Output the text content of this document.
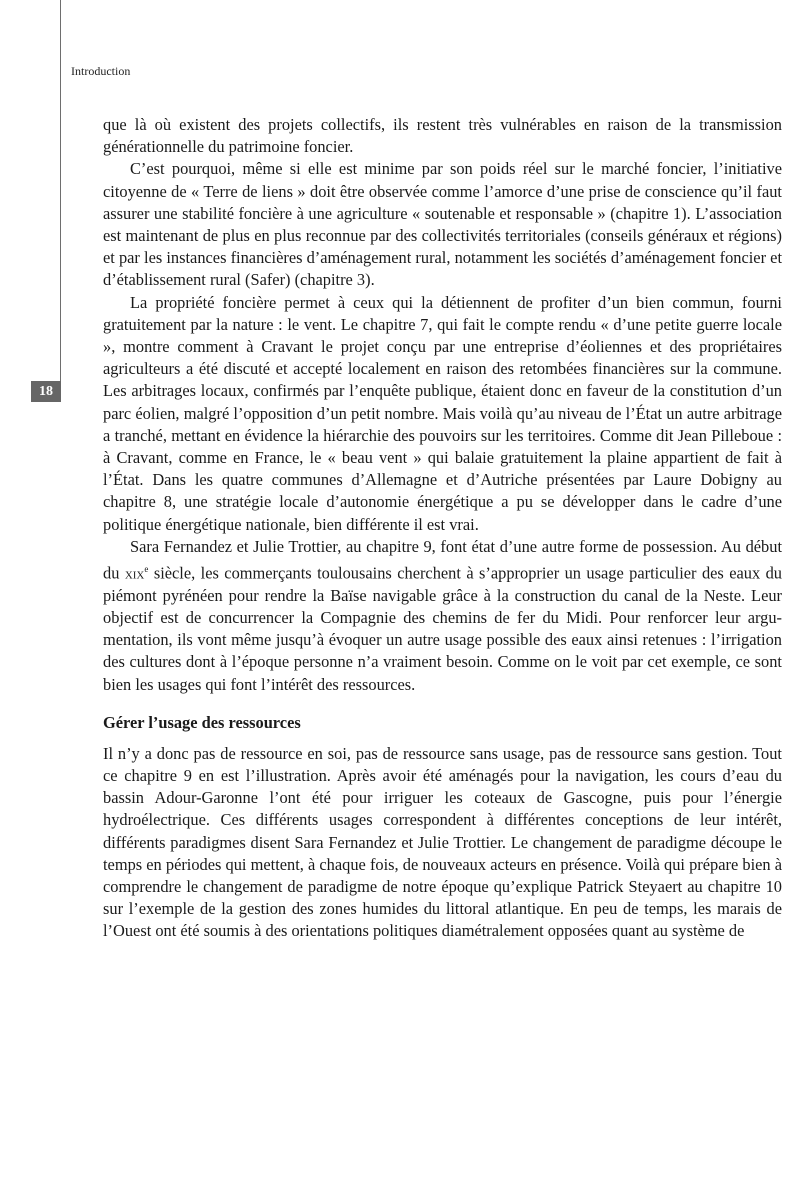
18
Introduction

que là où existent des projets collectifs, ils restent très vulnérables en raison de la transmission générationnelle du patrimoine foncier.

C’est pourquoi, même si elle est minime par son poids réel sur le marché foncier, l’initiative citoyenne de « Terre de liens » doit être observée comme l’amorce d’une prise de conscience qu’il faut assurer une stabilité foncière à une agriculture « soutenable et responsable » (chapitre 1). L’association est maintenant de plus en plus reconnue par des collectivités territoriales (conseils généraux et régions) et par les instances financières d’aménagement rural, notamment les sociétés d’aménagement foncier et d’établissement rural (Safer) (chapitre 3).

La propriété foncière permet à ceux qui la détiennent de profiter d’un bien commun, fourni gratuitement par la nature : le vent. Le chapitre 7, qui fait le compte rendu « d’une petite guerre locale », montre comment à Cravant le projet conçu par une entreprise d’éoliennes et des propriétaires agriculteurs a été discuté et accepté localement en raison des retombées financières sur la commune. Les arbitrages locaux, confirmés par l’enquête publique, étaient donc en faveur de la constitution d’un parc éolien, malgré l’opposition d’un petit nombre. Mais voilà qu’au niveau de l’État un autre arbitrage a tranché, mettant en évidence la hiérarchie des pouvoirs sur les territoires. Comme dit Jean Pilleboue : à Cravant, comme en France, le « beau vent » qui balaie gratuitement la plaine appartient de fait à l’État. Dans les quatre communes d’Allemagne et d’Autriche présentées par Laure Dobigny au chapitre 8, une stratégie locale d’autonomie énergétique a pu se développer dans le cadre d’une politique énergétique nationale, bien différente il est vrai.

Sara Fernandez et Julie Trottier, au chapitre 9, font état d’une autre forme de possession. Au début du xix$^e$ siècle, les commerçants toulousains cherchent à s’approprier un usage particulier des eaux du piémont pyrénéen pour rendre la Baïse navigable grâce à la construction du canal de la Neste. Leur objectif est de concurrencer la Compagnie des chemins de fer du Midi. Pour renforcer leur argumentation, ils vont même jusqu’à évoquer un autre usage possible des eaux ainsi retenues : l’irrigation des cultures dont à l’époque personne n’a vraiment besoin. Comme on le voit par cet exemple, ce sont bien les usages qui font l’intérêt des ressources.

Gérer l’usage des ressources

Il n’y a donc pas de ressource en soi, pas de ressource sans usage, pas de ressource sans gestion. Tout ce chapitre 9 en est l’illustration. Après avoir été aménagés pour la navigation, les cours d’eau du bassin Adour-Garonne l’ont été pour irriguer les coteaux de Gascogne, puis pour l’énergie hydroélectrique. Ces différents usages correspondent à différentes conceptions de leur intérêt, différents paradigmes disent Sara Fernandez et Julie Trottier. Le changement de paradigme découpe le temps en périodes qui mettent, à chaque fois, de nouveaux acteurs en présence. Voilà qui prépare bien à comprendre le changement de paradigme de notre époque qu’explique Patrick Steyaert au chapitre 10 sur l’exemple de la gestion des zones humides du littoral atlantique. En peu de temps, les marais de l’Ouest ont été soumis à des orientations politiques diamétralement opposées quant au système de
